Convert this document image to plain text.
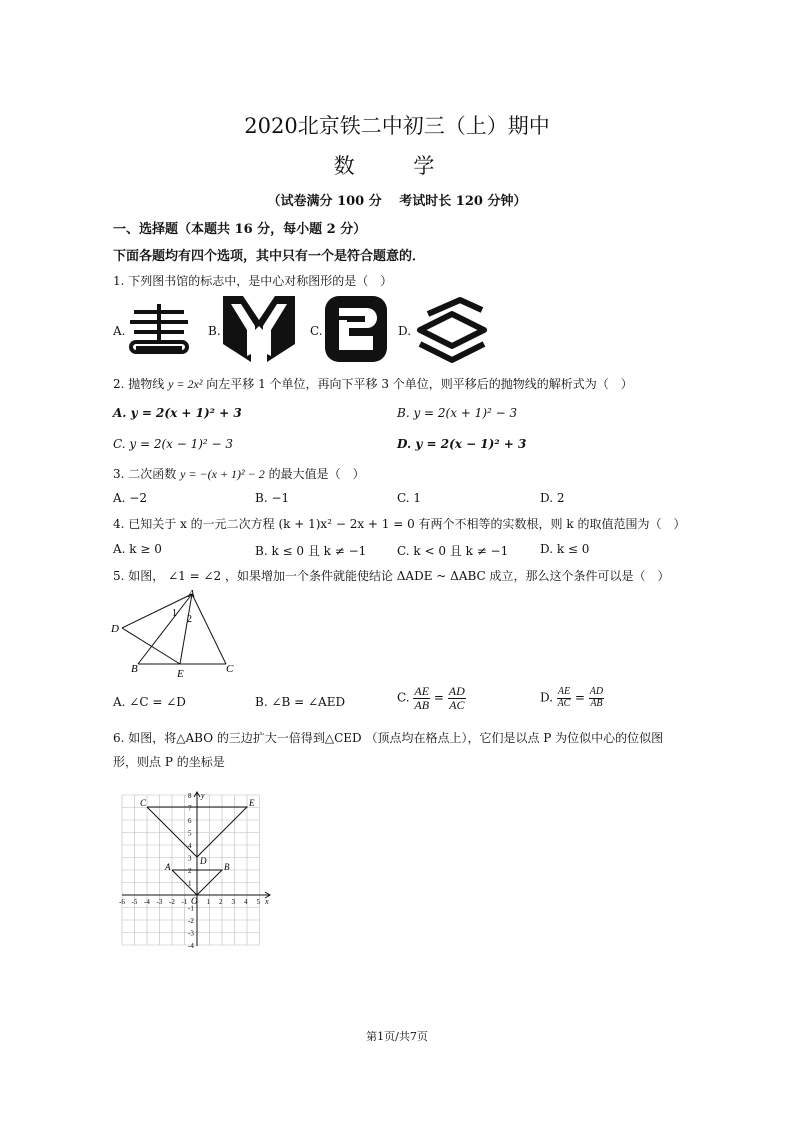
2020北京铁二中初三（上）期中
数 学
（试卷满分 100 分　 考试时长 120 分钟）
一、选择题（本题共 16 分，每小题 2 分）
下面各题均有四个选项，其中只有一个是符合题意的．
1. 下列图书馆的标志中，是中心对称图形的是（　）
A.	B.	C.	D.
2. 抛物线 y = 2x² 向左平移 1 个单位，再向下平移 3 个单位，则平移后的抛物线的解析式为（　）
A. y = 2(x + 1)² + 3	B. y = 2(x + 1)² − 3
C. y = 2(x − 1)² − 3	D. y = 2(x − 1)² + 3
3. 二次函数 y = −(x + 1)² − 2 的最大值是（　）
A. −2	B. −1	C. 1	D. 2
4. 已知关于 x 的一元二次方程 (k + 1)x² − 2x + 1 = 0 有两个不相等的实数根，则 k 的取值范围为（　）
A. k ≥ 0	B. k ≤ 0 且 k ≠ −1	C. k < 0 且 k ≠ −1	D. k ≤ 0
5. 如图， ∠1 = ∠2 ，如果增加一个条件就能使结论 ΔADE ~ ΔABC 成立，那么这个条件可以是（　）
A
D
1
2
B	E	C
A. ∠C = ∠D	B. ∠B = ∠AED	C. $\frac{AE}{AB} = \frac{AD}{AC}$	D. $\frac{AE}{AC} = \frac{AD}{AB}$
6. 如图，将△ABO 的三边扩大一倍得到△CED （顶点均在格点上），它们是以点 P 为位似中心的位似图
形，则点 P 的坐标是
-6 -5 -4 -3 -2 -1	1 2 3 4 5
8
7
6
5
4
3
2
1
-1
-2
-3
-4
C	E
A	B
D
O	x
y
第1页/共7页
